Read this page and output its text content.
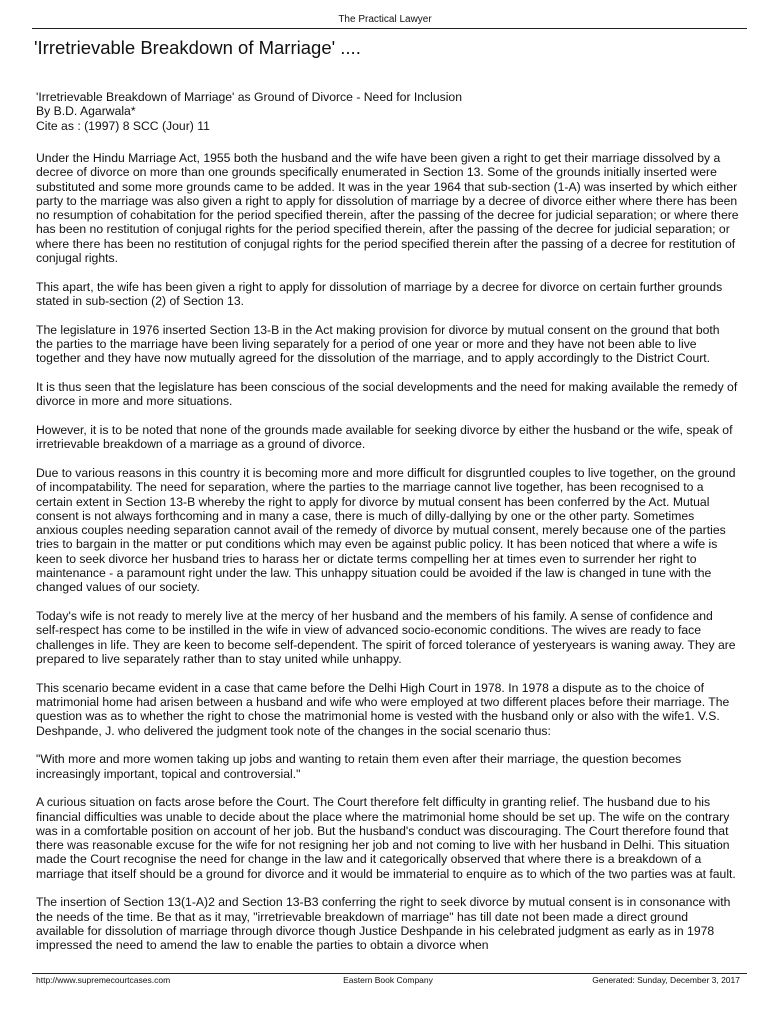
The Practical Lawyer
'Irretrievable Breakdown of Marriage' ....
'Irretrievable Breakdown of Marriage' as Ground of Divorce - Need for Inclusion
By B.D. Agarwala*
Cite as : (1997) 8 SCC (Jour) 11

Under the Hindu Marriage Act, 1955 both the husband and the wife have been given a right to get their marriage dissolved by a decree of divorce on more than one grounds specifically enumerated in Section 13. Some of the grounds initially inserted were substituted and some more grounds came to be added. It was in the year 1964 that sub-section (1-A) was inserted by which either party to the marriage was also given a right to apply for dissolution of marriage by a decree of divorce either where there has been no resumption of cohabitation for the period specified therein, after the passing of the decree for judicial separation; or where there has been no restitution of conjugal rights for the period specified therein, after the passing of the decree for judicial separation; or where there has been no restitution of conjugal rights for the period specified therein after the passing of a decree for restitution of conjugal rights.

This apart, the wife has been given a right to apply for dissolution of marriage by a decree for divorce on certain further grounds stated in sub-section (2) of Section 13.

The legislature in 1976 inserted Section 13-B in the Act making provision for divorce by mutual consent on the ground that both the parties to the marriage have been living separately for a period of one year or more and they have not been able to live together and they have now mutually agreed for the dissolution of the marriage, and to apply accordingly to the District Court.

It is thus seen that the legislature has been conscious of the social developments and the need for making available the remedy of divorce in more and more situations.

However, it is to be noted that none of the grounds made available for seeking divorce by either the husband or the wife, speak of irretrievable breakdown of a marriage as a ground of divorce.

Due to various reasons in this country it is becoming more and more difficult for disgruntled couples to live together, on the ground of incompatability. The need for separation, where the parties to the marriage cannot live together, has been recognised to a certain extent in Section 13-B whereby the right to apply for divorce by mutual consent has been conferred by the Act. Mutual consent is not always forthcoming and in many a case, there is much of dilly-dallying by one or the other party. Sometimes anxious couples needing separation cannot avail of the remedy of divorce by mutual consent, merely because one of the parties tries to bargain in the matter or put conditions which may even be against public policy. It has been noticed that where a wife is keen to seek divorce her husband tries to harass her or dictate terms compelling her at times even to surrender her right to maintenance - a paramount right under the law. This unhappy situation could be avoided if the law is changed in tune with the changed values of our society.

Today's wife is not ready to merely live at the mercy of her husband and the members of his family. A sense of confidence and self-respect has come to be instilled in the wife in view of advanced socio-economic conditions. The wives are ready to face challenges in life. They are keen to become self-dependent. The spirit of forced tolerance of yesteryears is waning away. They are prepared to live separately rather than to stay united while unhappy.

This scenario became evident in a case that came before the Delhi High Court in 1978. In 1978 a dispute as to the choice of matrimonial home had arisen between a husband and wife who were employed at two different places before their marriage. The question was as to whether the right to chose the matrimonial home is vested with the husband only or also with the wife1. V.S. Deshpande, J. who delivered the judgment took note of the changes in the social scenario thus:

"With more and more women taking up jobs and wanting to retain them even after their marriage, the question becomes increasingly important, topical and controversial."

A curious situation on facts arose before the Court. The Court therefore felt difficulty in granting relief. The husband due to his financial difficulties was unable to decide about the place where the matrimonial home should be set up. The wife on the contrary was in a comfortable position on account of her job. But the husband's conduct was discouraging. The Court therefore found that there was reasonable excuse for the wife for not resigning her job and not coming to live with her husband in Delhi. This situation made the Court recognise the need for change in the law and it categorically observed that where there is a breakdown of a marriage that itself should be a ground for divorce and it would be immaterial to enquire as to which of the two parties was at fault.

The insertion of Section 13(1-A)2 and Section 13-B3 conferring the right to seek divorce by mutual consent is in consonance with the needs of the time. Be that as it may, "irretrievable breakdown of marriage" has till date not been made a direct ground available for dissolution of marriage through divorce though Justice Deshpande in his celebrated judgment as early as in 1978 impressed the need to amend the law to enable the parties to obtain a divorce when

http://www.supremecourtcases.com	Eastern Book Company	Generated: Sunday, December 3, 2017
